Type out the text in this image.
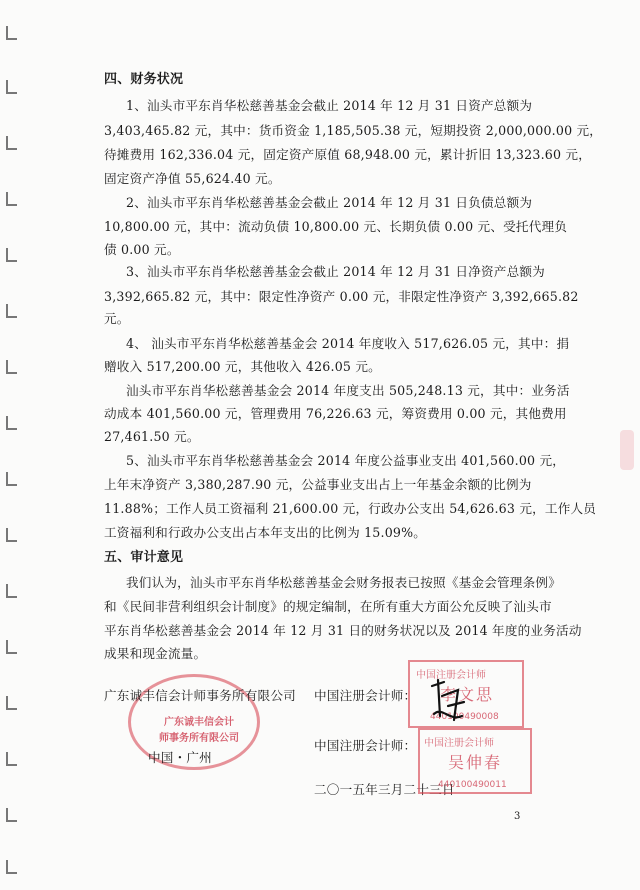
四、财务状况
1、汕头市平东肖华松慈善基金会截止 2014 年 12 月 31 日资产总额为
3,403,465.82 元，其中：货币资金 1,185,505.38 元，短期投资 2,000,000.00 元，
待摊费用 162,336.04 元，固定资产原值 68,948.00 元，累计折旧 13,323.60 元，
固定资产净值 55,624.40 元。
2、汕头市平东肖华松慈善基金会截止 2014 年 12 月 31 日负债总额为
10,800.00 元，其中：流动负债 10,800.00 元、长期负债 0.00 元、受托代理负
债 0.00 元。
3、汕头市平东肖华松慈善基金会截止 2014 年 12 月 31 日净资产总额为
3,392,665.82 元，其中：限定性净资产 0.00 元，非限定性净资产 3,392,665.82
元。
4、 汕头市平东肖华松慈善基金会 2014 年度收入 517,626.05 元，其中：捐
赠收入 517,200.00 元，其他收入 426.05 元。
汕头市平东肖华松慈善基金会 2014 年度支出 505,248.13 元，其中：业务活
动成本 401,560.00 元，管理费用 76,226.63 元，筹资费用 0.00 元，其他费用
27,461.50 元。
5、汕头市平东肖华松慈善基金会 2014 年度公益事业支出 401,560.00 元，
上年末净资产 3,380,287.90 元，公益事业支出占上一年基金余额的比例为
11.88%；工作人员工资福利 21,600.00 元，行政办公支出 54,626.63 元，工作人员
工资福利和行政办公支出占本年支出的比例为 15.09%。
五、审计意见
我们认为，汕头市平东肖华松慈善基金会财务报表已按照《基金会管理条例》
和《民间非营利组织会计制度》的规定编制，在所有重大方面公允反映了汕头市
平东肖华松慈善基金会 2014 年 12 月 31 日的财务状况以及 2014 年度的业务活动
成果和现金流量。
广东诚丰信会计
师事务所有限公司
广东诚丰信会计师事务所有限公司 中国注册会计师：
中国・广州
中国注册会计师：
二〇一五年三月二十三日
中国注册会计师
李文思
440100490008
中国注册会计师
吴伸春
440100490011
3
